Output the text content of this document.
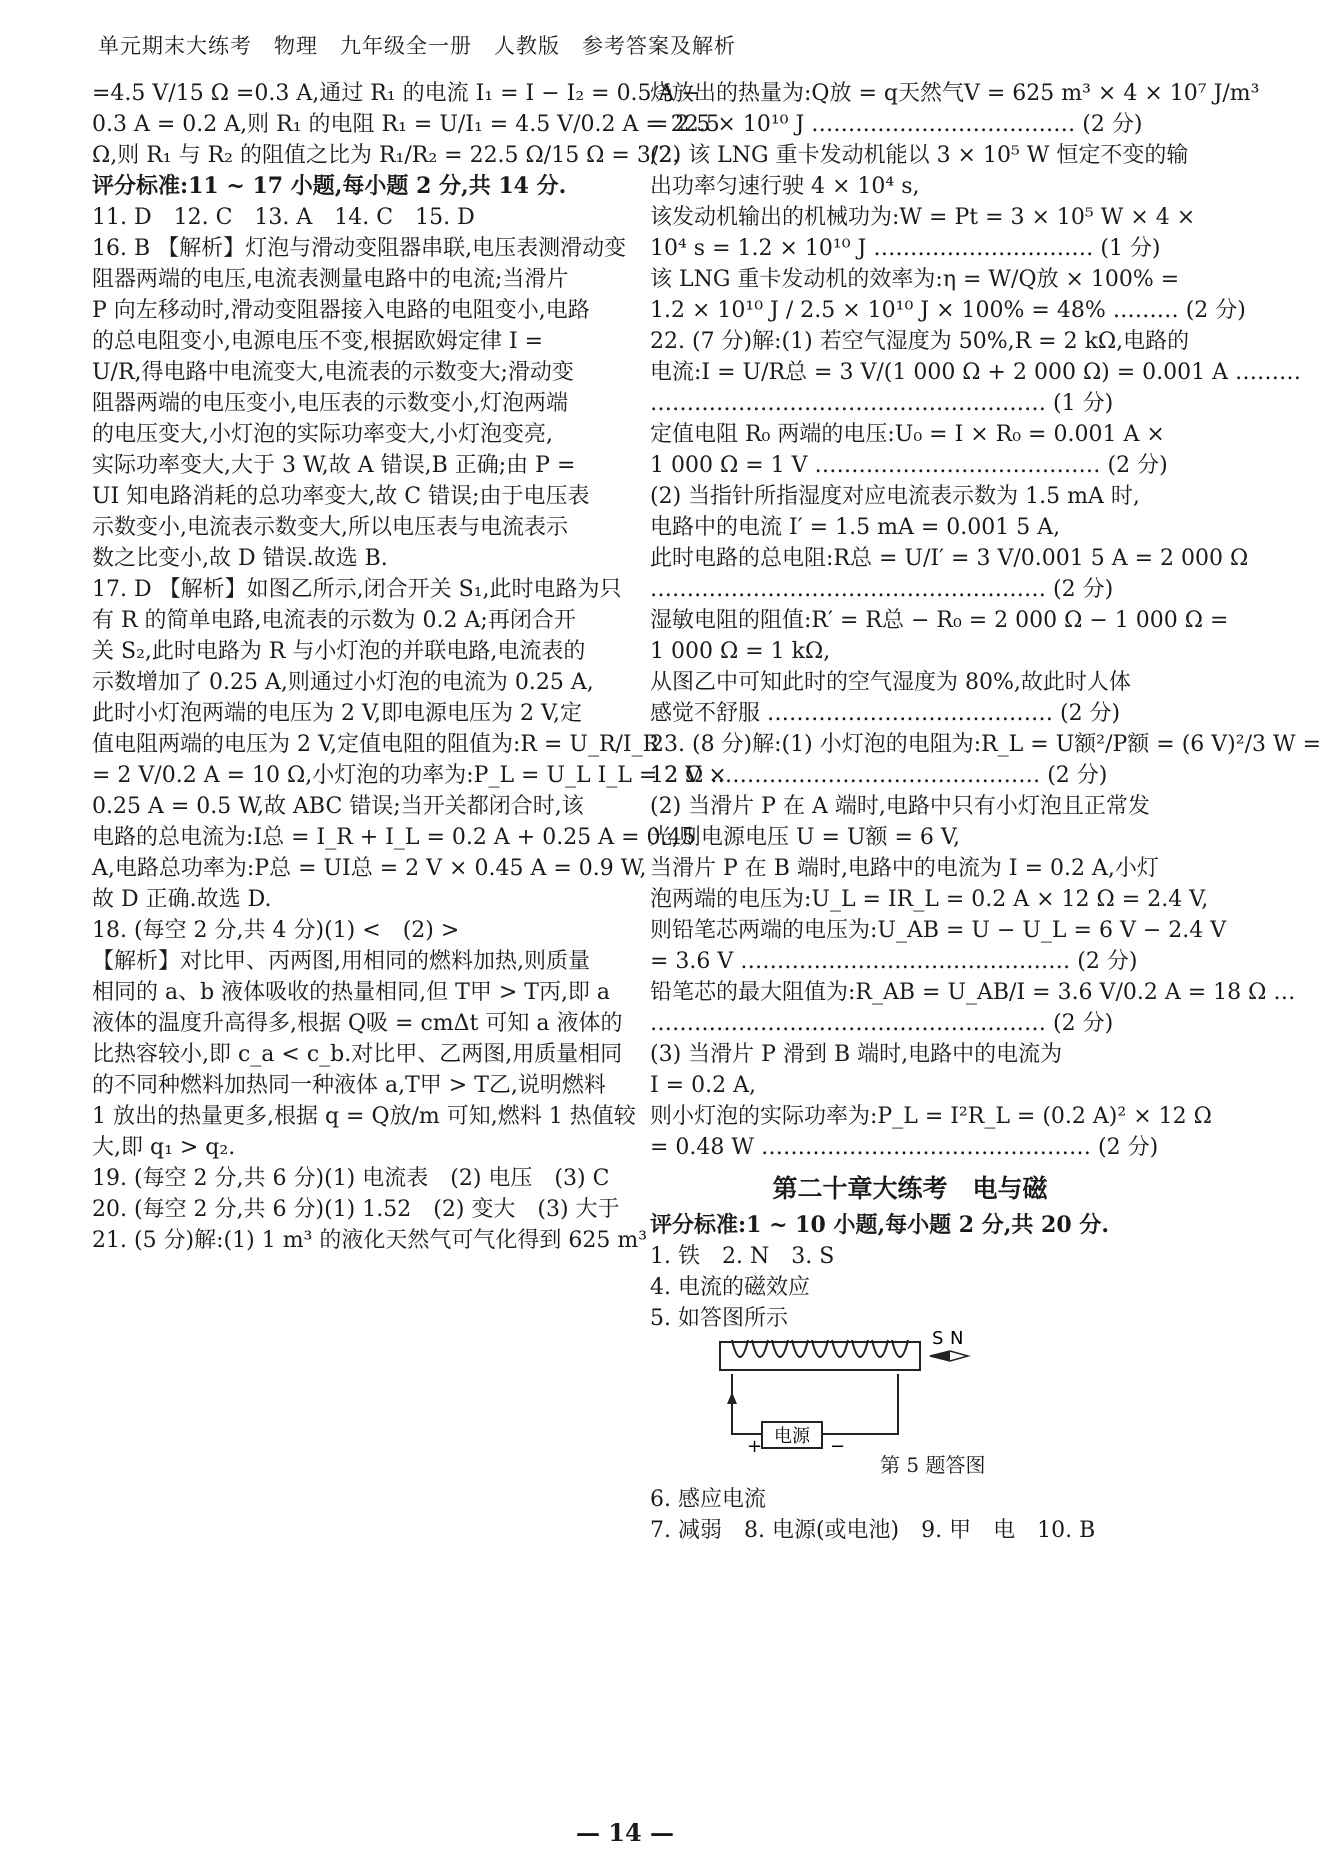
单元期末大练考　物理　九年级全一册　人教版　参考答案及解析
=4.5 V/15 Ω =0.3 A,通过 R₁ 的电流 I₁ = I − I₂ = 0.5 A −
0.3 A = 0.2 A,则 R₁ 的电阻 R₁ = U/I₁ = 4.5 V/0.2 A = 22.5
Ω,则 R₁ 与 R₂ 的阻值之比为 R₁/R₂ = 22.5 Ω/15 Ω = 3/2.
评分标准:11 ~ 17 小题,每小题 2 分,共 14 分.
11. D　12. C　13. A　14. C　15. D
16. B 【解析】灯泡与滑动变阻器串联,电压表测滑动变
阻器两端的电压,电流表测量电路中的电流;当滑片
P 向左移动时,滑动变阻器接入电路的电阻变小,电路
的总电阻变小,电源电压不变,根据欧姆定律 I =
U/R,得电路中电流变大,电流表的示数变大;滑动变
阻器两端的电压变小,电压表的示数变小,灯泡两端
的电压变大,小灯泡的实际功率变大,小灯泡变亮,
实际功率变大,大于 3 W,故 A 错误,B 正确;由 P =
UI 知电路消耗的总功率变大,故 C 错误;由于电压表
示数变小,电流表示数变大,所以电压表与电流表示
数之比变小,故 D 错误.故选 B.
17. D 【解析】如图乙所示,闭合开关 S₁,此时电路为只
有 R 的简单电路,电流表的示数为 0.2 A;再闭合开
关 S₂,此时电路为 R 与小灯泡的并联电路,电流表的
示数增加了 0.25 A,则通过小灯泡的电流为 0.25 A,
此时小灯泡两端的电压为 2 V,即电源电压为 2 V,定
值电阻两端的电压为 2 V,定值电阻的阻值为:R = U_R/I_R
= 2 V/0.2 A = 10 Ω,小灯泡的功率为:P_L = U_L I_L = 2 V ×
0.25 A = 0.5 W,故 ABC 错误;当开关都闭合时,该
电路的总电流为:I总 = I_R + I_L = 0.2 A + 0.25 A = 0.45
A,电路总功率为:P总 = UI总 = 2 V × 0.45 A = 0.9 W,
故 D 正确.故选 D.
18. (每空 2 分,共 4 分)(1) <　(2) >
【解析】对比甲、丙两图,用相同的燃料加热,则质量
相同的 a、b 液体吸收的热量相同,但 T甲 > T丙,即 a
液体的温度升高得多,根据 Q吸 = cmΔt 可知 a 液体的
比热容较小,即 c_a < c_b.对比甲、乙两图,用质量相同
的不同种燃料加热同一种液体 a,T甲 > T乙,说明燃料
1 放出的热量更多,根据 q = Q放/m 可知,燃料 1 热值较
大,即 q₁ > q₂.
19. (每空 2 分,共 6 分)(1) 电流表　(2) 电压　(3) C
20. (每空 2 分,共 6 分)(1) 1.52　(2) 变大　(3) 大于
21. (5 分)解:(1) 1 m³ 的液化天然气可气化得到 625 m³
烧放出的热量为:Q放 = q天然气V = 625 m³ × 4 × 10⁷ J/m³
= 2.5 × 10¹⁰ J ……………………………… (2 分)
(2) 该 LNG 重卡发动机能以 3 × 10⁵ W 恒定不变的输
出功率匀速行驶 4 × 10⁴ s,
该发动机输出的机械功为:W = Pt = 3 × 10⁵ W × 4 ×
10⁴ s = 1.2 × 10¹⁰ J ………………………… (1 分)
该 LNG 重卡发动机的效率为:η = W/Q放 × 100% =
1.2 × 10¹⁰ J / 2.5 × 10¹⁰ J × 100% = 48% ……… (2 分)
22. (7 分)解:(1) 若空气湿度为 50%,R = 2 kΩ,电路的
电流:I = U/R总 = 3 V/(1 000 Ω + 2 000 Ω) = 0.001 A ………
……………………………………………… (1 分)
定值电阻 R₀ 两端的电压:U₀ = I × R₀ = 0.001 A ×
1 000 Ω = 1 V ………………………………… (2 分)
(2) 当指针所指湿度对应电流表示数为 1.5 mA 时,
电路中的电流 I′ = 1.5 mA = 0.001 5 A,
此时电路的总电阻:R总 = U/I′ = 3 V/0.001 5 A = 2 000 Ω
……………………………………………… (2 分)
湿敏电阻的阻值:R′ = R总 − R₀ = 2 000 Ω − 1 000 Ω =
1 000 Ω = 1 kΩ,
从图乙中可知此时的空气湿度为 80%,故此时人体
感觉不舒服 ………………………………… (2 分)
23. (8 分)解:(1) 小灯泡的电阻为:R_L = U额²/P额 = (6 V)²/3 W =
12 Ω ……………………………………… (2 分)
(2) 当滑片 P 在 A 端时,电路中只有小灯泡且正常发
光,则电源电压 U = U额 = 6 V,
当滑片 P 在 B 端时,电路中的电流为 I = 0.2 A,小灯
泡两端的电压为:U_L = IR_L = 0.2 A × 12 Ω = 2.4 V,
则铅笔芯两端的电压为:U_AB = U − U_L = 6 V − 2.4 V
= 3.6 V ……………………………………… (2 分)
铅笔芯的最大阻值为:R_AB = U_AB/I = 3.6 V/0.2 A = 18 Ω …
……………………………………………… (2 分)
(3) 当滑片 P 滑到 B 端时,电路中的电流为
I = 0.2 A,
则小灯泡的实际功率为:P_L = I²R_L = (0.2 A)² × 12 Ω
= 0.48 W ……………………………………… (2 分)
第二十章大练考　电与磁
评分标准:1 ~ 10 小题,每小题 2 分,共 20 分.
1. 铁　2. N　3. S
4. 电流的磁效应
5. 如答图所示
电源
+	−
S N
第 5 题答图
6. 感应电流
7. 减弱　8. 电源(或电池)　9. 甲　电　10. B
— 14 —
